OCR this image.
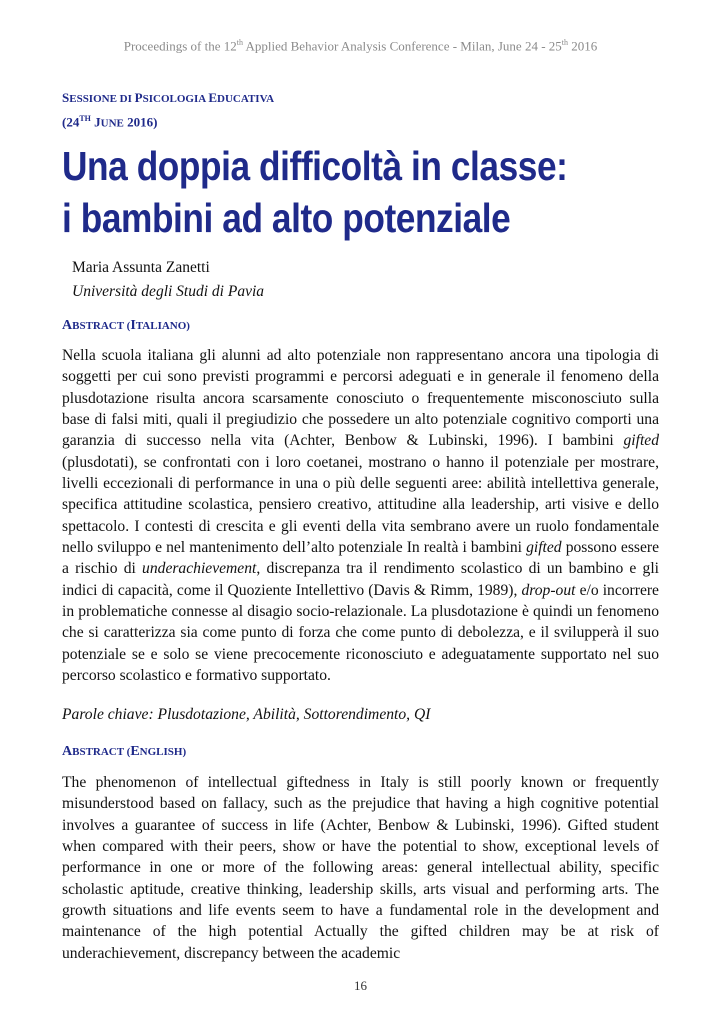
Proceedings of the 12th Applied Behavior Analysis Conference - Milan, June 24 - 25th 2016
SESSIONE DI PSICOLOGIA EDUCATIVA
(24TH JUNE 2016)
Una doppia difficoltà in classe:
i bambini ad alto potenziale
Maria Assunta Zanetti
Università degli Studi di Pavia
ABSTRACT (ITALIANO)

Nella scuola italiana gli alunni ad alto potenziale non rappresentano ancora una tipologia di soggetti per cui sono previsti programmi e percorsi adeguati e in generale il fenomeno della plusdotazione risulta ancora scarsamente conosciuto o frequentemente misconosciuto sulla base di falsi miti, quali il pregiudizio che possedere un alto potenziale cognitivo comporti una garanzia di successo nella vita (Achter, Benbow & Lubinski, 1996). I bambini gifted (plusdotati), se confrontati con i loro coetanei, mostrano o hanno il potenziale per mostrare, livelli eccezionali di performance in una o più delle seguenti aree: abilità intellettiva generale, specifica attitudine scolastica, pensiero creativo, attitudine alla leadership, arti visive e dello spettacolo. I contesti di crescita e gli eventi della vita sembrano avere un ruolo fondamentale nello sviluppo e nel mantenimento dell’alto potenziale In realtà i bambini gifted possono essere a rischio di underachievement, discrepanza tra il rendimento scolastico di un bambino e gli indici di capacità, come il Quoziente Intellettivo (Davis & Rimm, 1989), drop-out e/o incorrere in problematiche connesse al disagio socio-relazionale. La plusdotazione è quindi un fenomeno che si caratterizza sia come punto di forza che come punto di debolezza, e il svilupperà il suo potenziale se e solo se viene precocemente riconosciuto e adeguatamente supportato nel suo percorso scolastico e formativo supportato.

Parole chiave: Plusdotazione, Abilità, Sottorendimento, QI
ABSTRACT (ENGLISH)

The phenomenon of intellectual giftedness in Italy is still poorly known or frequently misunderstood based on fallacy, such as the prejudice that having a high cognitive potential involves a guarantee of success in life (Achter, Benbow & Lubinski, 1996). Gifted student when compared with their peers, show or have the potential to show, exceptional levels of performance in one or more of the following areas: general intellectual ability, specific scholastic aptitude, creative thinking, leadership skills, arts visual and performing arts. The growth situations and life events seem to have a fundamental role in the development and maintenance of the high potential Actually the gifted children may be at risk of underachievement, discrepancy between the academic

16
